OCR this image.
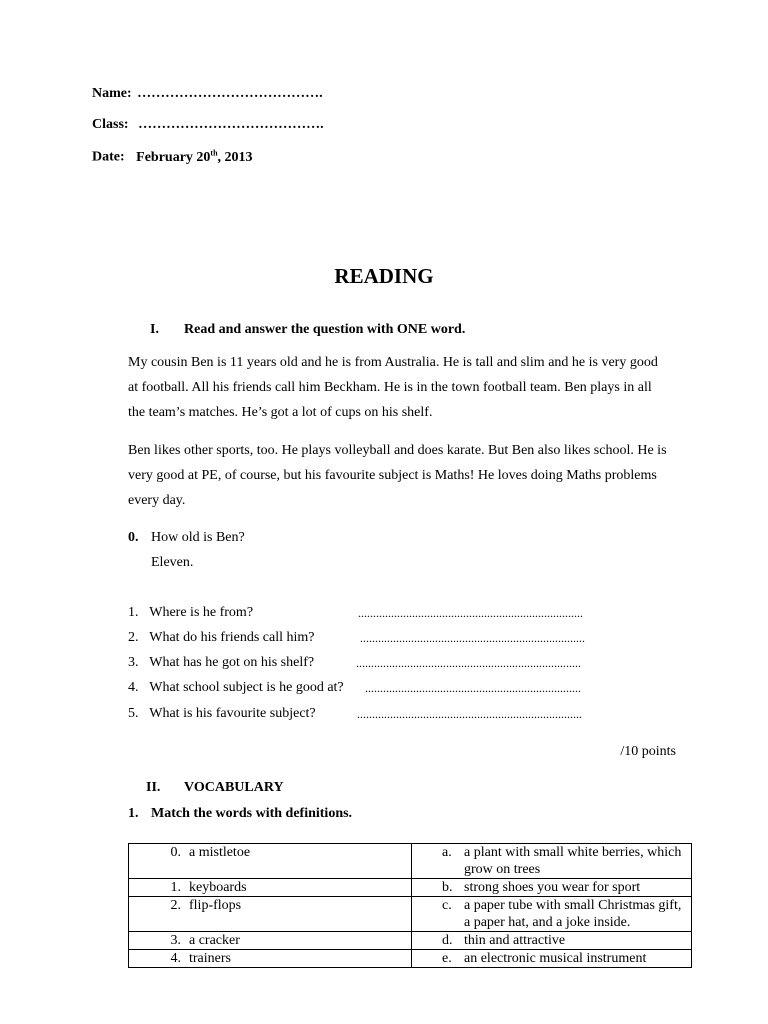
Name: ………………………………….
Class: ………………………………….
Date: February 20th, 2013
READING
I. Read and answer the question with ONE word.
My cousin Ben is 11 years old and he is from Australia. He is tall and slim and he is very good at football. All his friends call him Beckham. He is in the town football team. Ben plays in all the team’s matches. He’s got a lot of cups on his shelf.
Ben likes other sports, too. He plays volleyball and does karate. But Ben also likes school. He is very good at PE, of course, but his favourite subject is Maths! He loves doing Maths problems every day.
0. How old is Ben?
Eleven.
1. Where is he from?	...........................................................................
2. What do his friends call him?	...........................................................................
3. What has he got on his shelf?	...........................................................................
4. What school subject is he good at? ........................................................................
5. What is his favourite subject?	...........................................................................
/10 points
II. VOCABULARY
1. Match the words with definitions.
0. a mistletoe	a. a plant with small white berries, which grow on trees

1. keyboards	b. strong shoes you wear for sport

2. flip-flops	c. a paper tube with small Christmas gift, a paper hat, and a joke inside.

3. a cracker	d. thin and attractive

4. trainers	e. an electronic musical instrument
